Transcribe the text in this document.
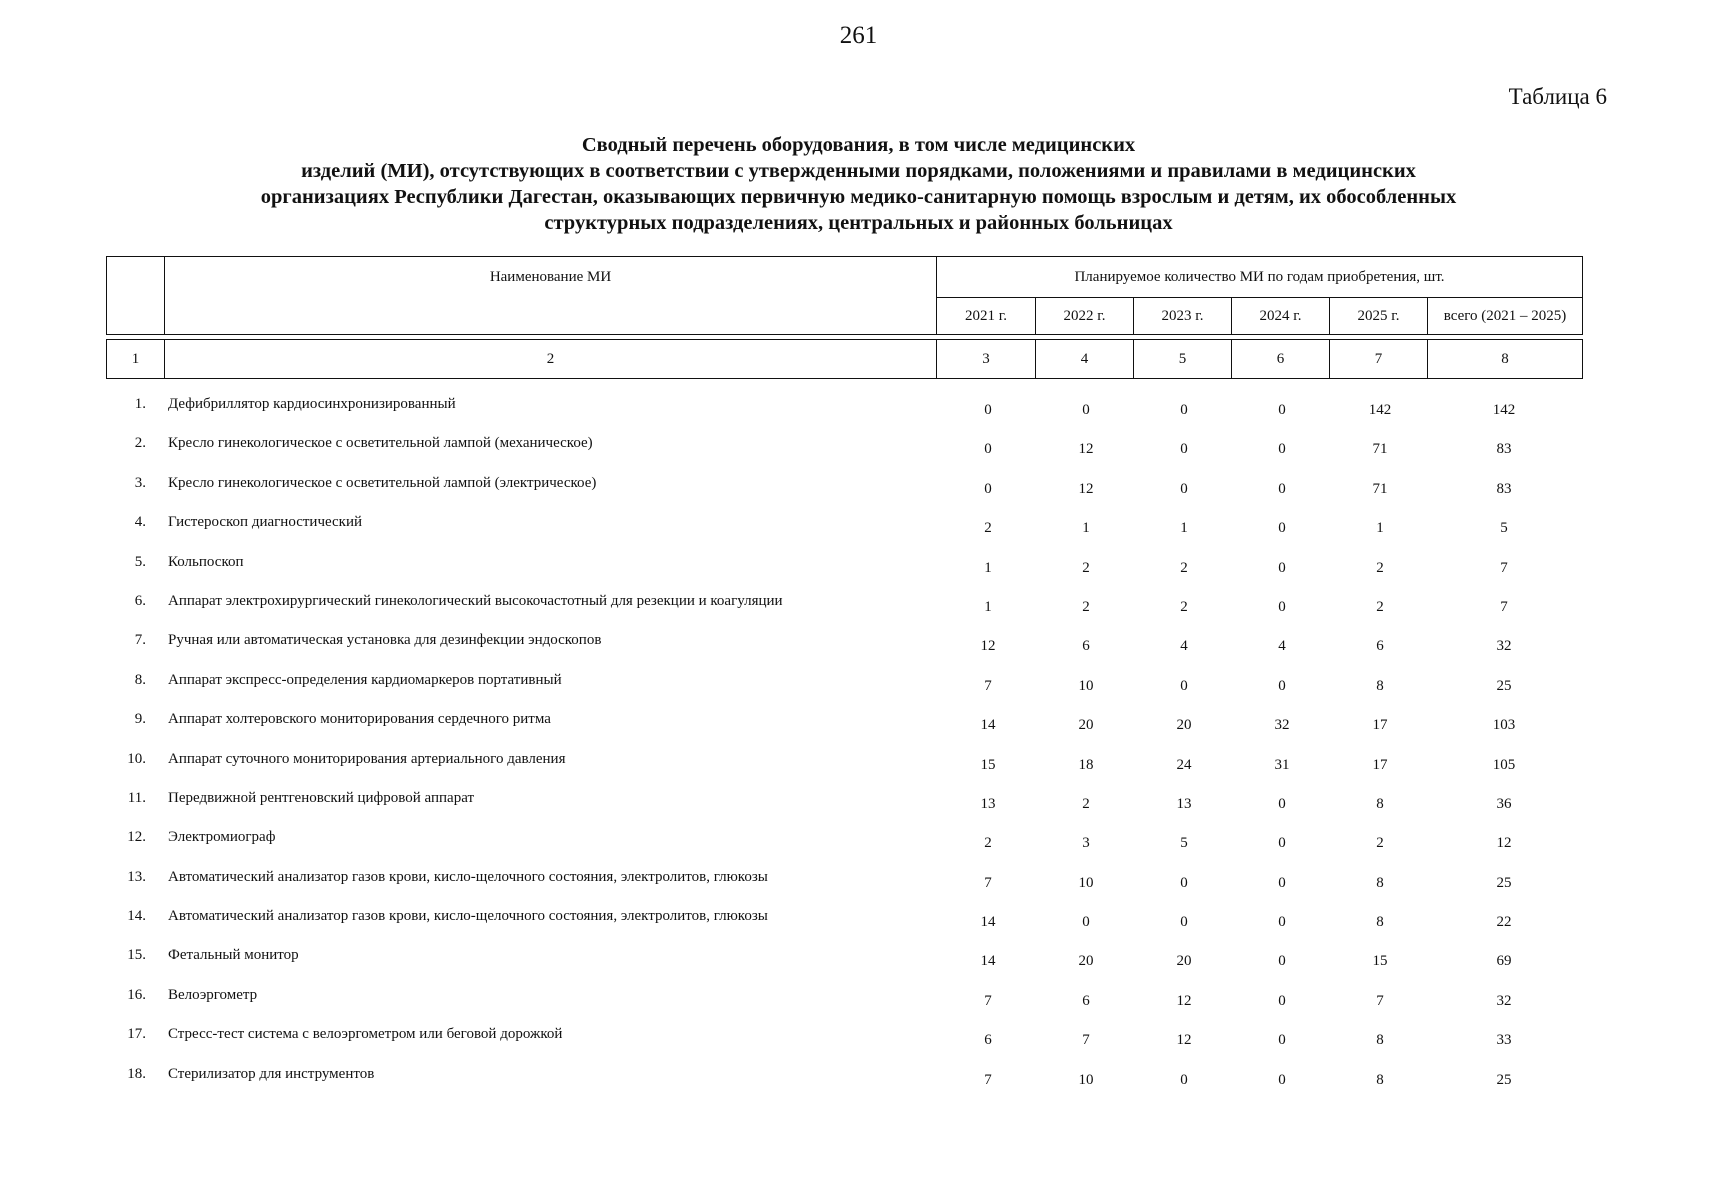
261
Таблица 6
Сводный перечень оборудования, в том числе медицинских
изделий (МИ), отсутствующих в соответствии с утвержденными порядками, положениями и правилами в медицинских
организациях Республики Дагестан, оказывающих первичную медико-санитарную помощь взрослым и детям, их обособленных
структурных подразделениях, центральных и районных больницах
	Наименование МИ	Планируемое количество МИ по годам приобретения, шт.					
		2021 г.	2022 г.	2023 г.	2024 г.	2025 г.	всего (2021 – 2025)

1	2	3	4	5	6	7	8
1. Дефибриллятор кардиосинхронизированный	0	0	0	0	142	142
2. Кресло гинекологическое с осветительной лампой (механическое)	0	12	0	0	71	83
3. Кресло гинекологическое с осветительной лампой (электрическое)	0	12	0	0	71	83
4. Гистероскоп диагностический	2	1	1	0	1	5
5. Кольпоскоп	1	2	2	0	2	7
6. Аппарат электрохирургический гинекологический высокочастотный для резекции и коагуляции	1	2	2	0	2	7
7. Ручная или автоматическая установка для дезинфекции эндоскопов	12	6	4	4	6	32
8. Аппарат экспресс-определения кардиомаркеров портативный	7	10	0	0	8	25
9. Аппарат холтеровского мониторирования сердечного ритма	14	20	20	32	17	103
10. Аппарат суточного мониторирования артериального давления	15	18	24	31	17	105
11. Передвижной рентгеновский цифровой аппарат	13	2	13	0	8	36
12. Электромиограф	2	3	5	0	2	12
13. Автоматический анализатор газов крови, кисло-щелочного состояния, электролитов, глюкозы	7	10	0	0	8	25
14. Автоматический анализатор газов крови, кисло-щелочного состояния, электролитов, глюкозы	14	0	0	0	8	22
15. Фетальный монитор	14	20	20	0	15	69
16. Велоэргометр	7	6	12	0	7	32
17. Стресс-тест система с велоэргометром или беговой дорожкой	6	7	12	0	8	33
18. Стерилизатор для инструментов	7	10	0	0	8	25
